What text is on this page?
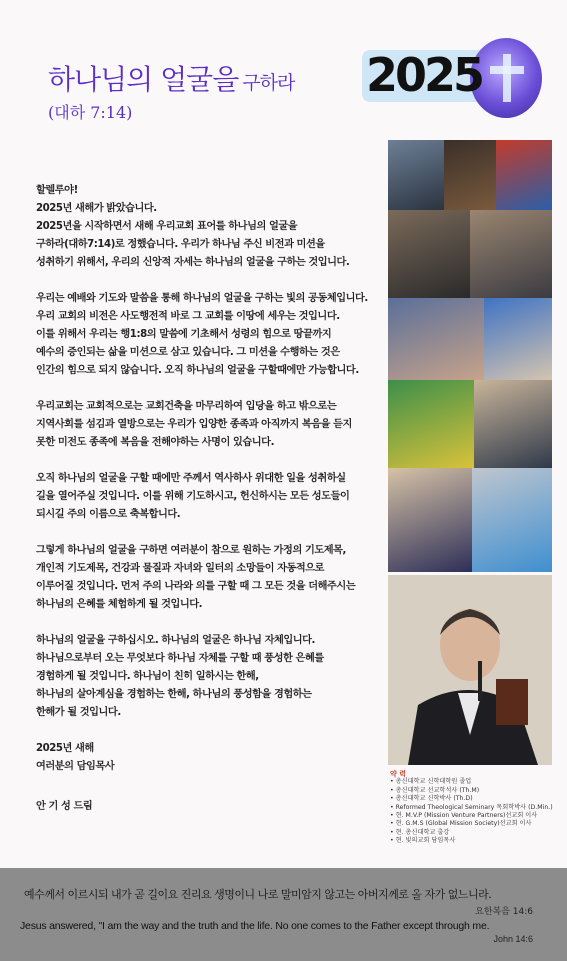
하나님의 얼굴을 구하라
(대하 7:14)
2025

할렐루야!
2025년 새해가 밝았습니다.
2025년을 시작하면서 새해 우리교회 표어를 하나님의 얼굴을
구하라(대하7:14)로 정했습니다. 우리가 하나님 주신 비전과 미션을
성취하기 위해서, 우리의 신앙적 자세는 하나님의 얼굴을 구하는 것입니다.

우리는 예배와 기도와 말씀을 통해 하나님의 얼굴을 구하는 빛의 공동체입니다.
우리 교회의 비전은 사도행전적 바로 그 교회를 이땅에 세우는 것입니다.
이를 위해서 우리는 행1:8의 말씀에 기초해서 성령의 힘으로 땅끝까지
예수의 증인되는 삶을 미션으로 삼고 있습니다. 그 미션을 수행하는 것은
인간의 힘으로 되지 않습니다. 오직 하나님의 얼굴을 구할때에만 가능합니다.

우리교회는 교회적으로는 교회건축을 마무리하여 입당을 하고 밖으로는
지역사회를 섬김과 열방으로는 우리가 입양한 종족과 아직까지 복음을 듣지
못한 미전도 종족에 복음을 전해야하는 사명이 있습니다.

오직 하나님의 얼굴을 구할 때에만 주께서 역사하사 위대한 일을 성취하실
길을 열어주실 것입니다. 이를 위해 기도하시고, 헌신하시는 모든 성도들이
되시길 주의 이름으로 축복합니다.

그렇게 하나님의 얼굴을 구하면 여러분이 참으로 원하는 가정의 기도제목,
개인적 기도제목, 건강과 물질과 자녀와 일터의 소망들이 자동적으로
이루어질 것입니다. 먼저 주의 나라와 의를 구할 때 그 모든 것을 더해주시는
하나님의 은혜를 체험하게 될 것입니다.

하나님의 얼굴을 구하십시오. 하나님의 얼굴은 하나님 자체입니다.
하나님으로부터 오는 무엇보다 하나님 자체를 구할 때 풍성한 은혜를
경험하게 될 것입니다. 하나님이 친히 일하시는 한해,
하나님의 살아계심을 경험하는 한해, 하나님의 풍성함을 경험하는
한해가 될 것입니다.

2025년 새해
여러분의 담임목사
안 기 성 드림
약 력
• 총신대학교 신학대학원 졸업
• 총신대학교 선교학석사 (Th.M)
• 총신대학교 신학박사 (Th.D)
• Reformed Theological Seminary 목회학박사 (D.Min.)
• 현. M.V.P (Mission Venture Partners)선교회 이사
• 현. G.M.S (Global Mission Society)선교회 이사
• 현. 총신대학교 출강
• 현. 빛의교회 담임목사
예수께서 이르시되 내가 곧 길이요 진리요 생명이니 나로 말미암지 않고는 아버지께로 올 자가 없느니라.
요한복음 14:6
Jesus answered, "I am the way and the truth and the life. No one comes to the Father except through me.
John 14:6
